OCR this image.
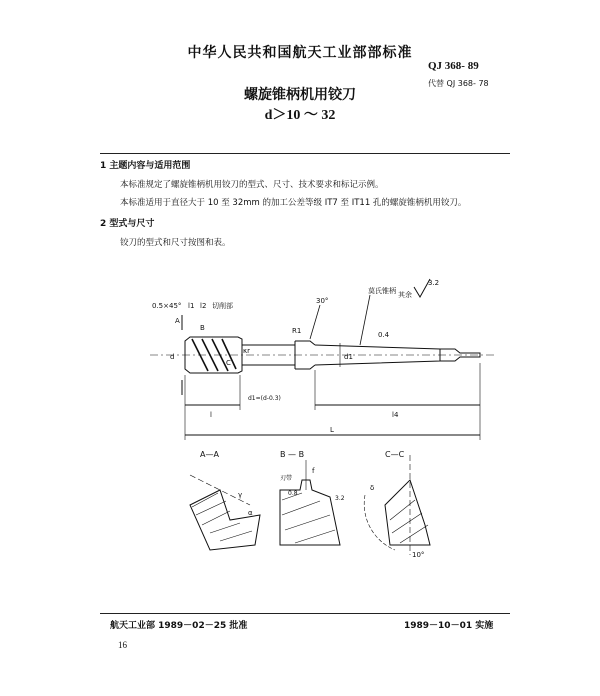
中华人民共和国航天工业部部标准
QJ 368- 89
代替 QJ 368- 78
螺旋锥柄机用铰刀
d＞10 ～ 32
1 主题内容与适用范围
本标准规定了螺旋锥柄机用铰刀的型式、尺寸、技术要求和标记示例。
本标准适用于直径大于 10 至 32mm 的加工公差等级 IT7 至 IT11 孔的螺旋锥柄机用铰刀。
2 型式与尺寸
铰刀的型式和尺寸按图和表。
0.5×45° l1 l2 切削部
莫氏锥柄 其余
3.2
30°
R1	0.4
κr
d	d1
A
B
C
l	l4
L
d1=(d-0.3)
A—A	B — B	C—C
刃带
γ
α
δ
f
10°
0.8
3.2
航天工业部 1989－02－25 批准	1989－10－01 实施
16
